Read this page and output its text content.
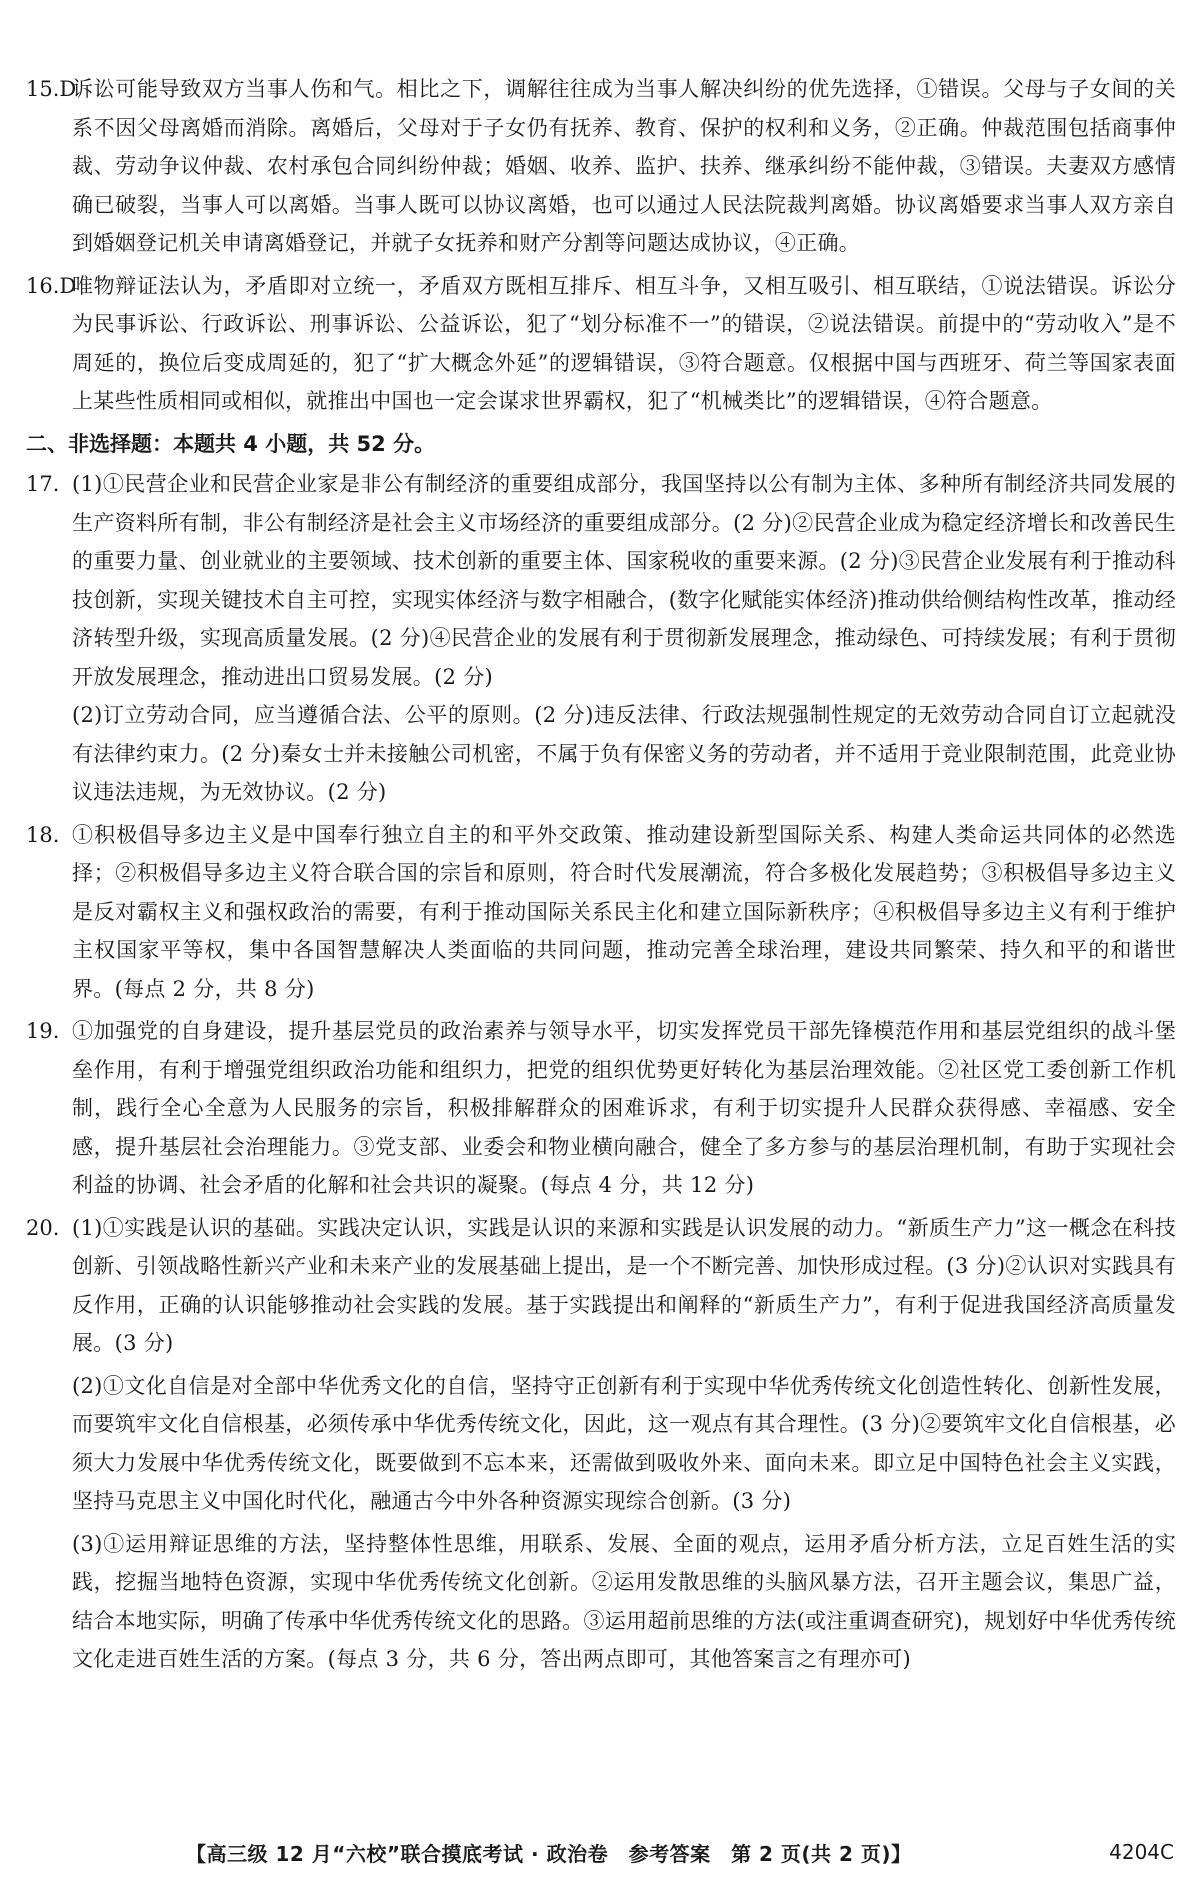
15.D

诉讼可能导致双方当事人伤和气。相比之下，调解往往成为当事人解决纠纷的优先选择，①错误。父母与子女间的关系不因父母离婚而消除。离婚后，父母对于子女仍有抚养、教育、保护的权利和义务，②正确。仲裁范围包括商事仲裁、劳动争议仲裁、农村承包合同纠纷仲裁；婚姻、收养、监护、扶养、继承纠纷不能仲裁，③错误。夫妻双方感情确已破裂，当事人可以离婚。当事人既可以协议离婚，也可以通过人民法院裁判离婚。协议离婚要求当事人双方亲自到婚姻登记机关申请离婚登记，并就子女抚养和财产分割等问题达成协议，④正确。

16.D

唯物辩证法认为，矛盾即对立统一，矛盾双方既相互排斥、相互斗争，又相互吸引、相互联结，①说法错误。诉讼分为民事诉讼、行政诉讼、刑事诉讼、公益诉讼，犯了“划分标准不一”的错误，②说法错误。前提中的“劳动收入”是不周延的，换位后变成周延的，犯了“扩大概念外延”的逻辑错误，③符合题意。仅根据中国与西班牙、荷兰等国家表面上某些性质相同或相似，就推出中国也一定会谋求世界霸权，犯了“机械类比”的逻辑错误，④符合题意。

二、非选择题：本题共 4 小题，共 52 分。
17. (1)①民营企业和民营企业家是非公有制经济的重要组成部分，我国坚持以公有制为主体、多种所有制经济共同发展的生产资料所有制，非公有制经济是社会主义市场经济的重要组成部分。(2 分)②民营企业成为稳定经济增长和改善民生的重要力量、创业就业的主要领域、技术创新的重要主体、国家税收的重要来源。(2 分)③民营企业发展有利于推动科技创新，实现关键技术自主可控，实现实体经济与数字相融合，(数字化赋能实体经济)推动供给侧结构性改革，推动经济转型升级，实现高质量发展。(2 分)④民营企业的发展有利于贯彻新发展理念，推动绿色、可持续发展；有利于贯彻开放发展理念，推动进出口贸易发展。(2 分)

(2)订立劳动合同，应当遵循合法、公平的原则。(2 分)违反法律、行政法规强制性规定的无效劳动合同自订立起就没有法律约束力。(2 分)秦女士并未接触公司机密，不属于负有保密义务的劳动者，并不适用于竞业限制范围，此竞业协议违法违规，为无效协议。(2 分)

18. ①积极倡导多边主义是中国奉行独立自主的和平外交政策、推动建设新型国际关系、构建人类命运共同体的必然选择；②积极倡导多边主义符合联合国的宗旨和原则，符合时代发展潮流，符合多极化发展趋势；③积极倡导多边主义是反对霸权主义和强权政治的需要，有利于推动国际关系民主化和建立国际新秩序；④积极倡导多边主义有利于维护主权国家平等权，集中各国智慧解决人类面临的共同问题，推动完善全球治理，建设共同繁荣、持久和平的和谐世界。(每点 2 分，共 8 分)

19. ①加强党的自身建设，提升基层党员的政治素养与领导水平，切实发挥党员干部先锋模范作用和基层党组织的战斗堡垒作用，有利于增强党组织政治功能和组织力，把党的组织优势更好转化为基层治理效能。②社区党工委创新工作机制，践行全心全意为人民服务的宗旨，积极排解群众的困难诉求，有利于切实提升人民群众获得感、幸福感、安全感，提升基层社会治理能力。③党支部、业委会和物业横向融合，健全了多方参与的基层治理机制，有助于实现社会利益的协调、社会矛盾的化解和社会共识的凝聚。(每点 4 分，共 12 分)

20. (1)①实践是认识的基础。实践决定认识，实践是认识的来源和实践是认识发展的动力。“新质生产力”这一概念在科技创新、引领战略性新兴产业和未来产业的发展基础上提出，是一个不断完善、加快形成过程。(3 分)②认识对实践具有反作用，正确的认识能够推动社会实践的发展。基于实践提出和阐释的“新质生产力”，有利于促进我国经济高质量发展。(3 分)

(2)①文化自信是对全部中华优秀文化的自信，坚持守正创新有利于实现中华优秀传统文化创造性转化、创新性发展，而要筑牢文化自信根基，必须传承中华优秀传统文化，因此，这一观点有其合理性。(3 分)②要筑牢文化自信根基，必须大力发展中华优秀传统文化，既要做到不忘本来，还需做到吸收外来、面向未来。即立足中国特色社会主义实践，坚持马克思主义中国化时代化，融通古今中外各种资源实现综合创新。(3 分)

(3)①运用辩证思维的方法，坚持整体性思维，用联系、发展、全面的观点，运用矛盾分析方法，立足百姓生活的实践，挖掘当地特色资源，实现中华优秀传统文化创新。②运用发散思维的头脑风暴方法，召开主题会议，集思广益，结合本地实际，明确了传承中华优秀传统文化的思路。③运用超前思维的方法(或注重调查研究)，规划好中华优秀传统文化走进百姓生活的方案。(每点 3 分，共 6 分，答出两点即可，其他答案言之有理亦可)

【高三级 12 月“六校”联合摸底考试 · 政治卷　参考答案　第 2 页(共 2 页)】	4204C
